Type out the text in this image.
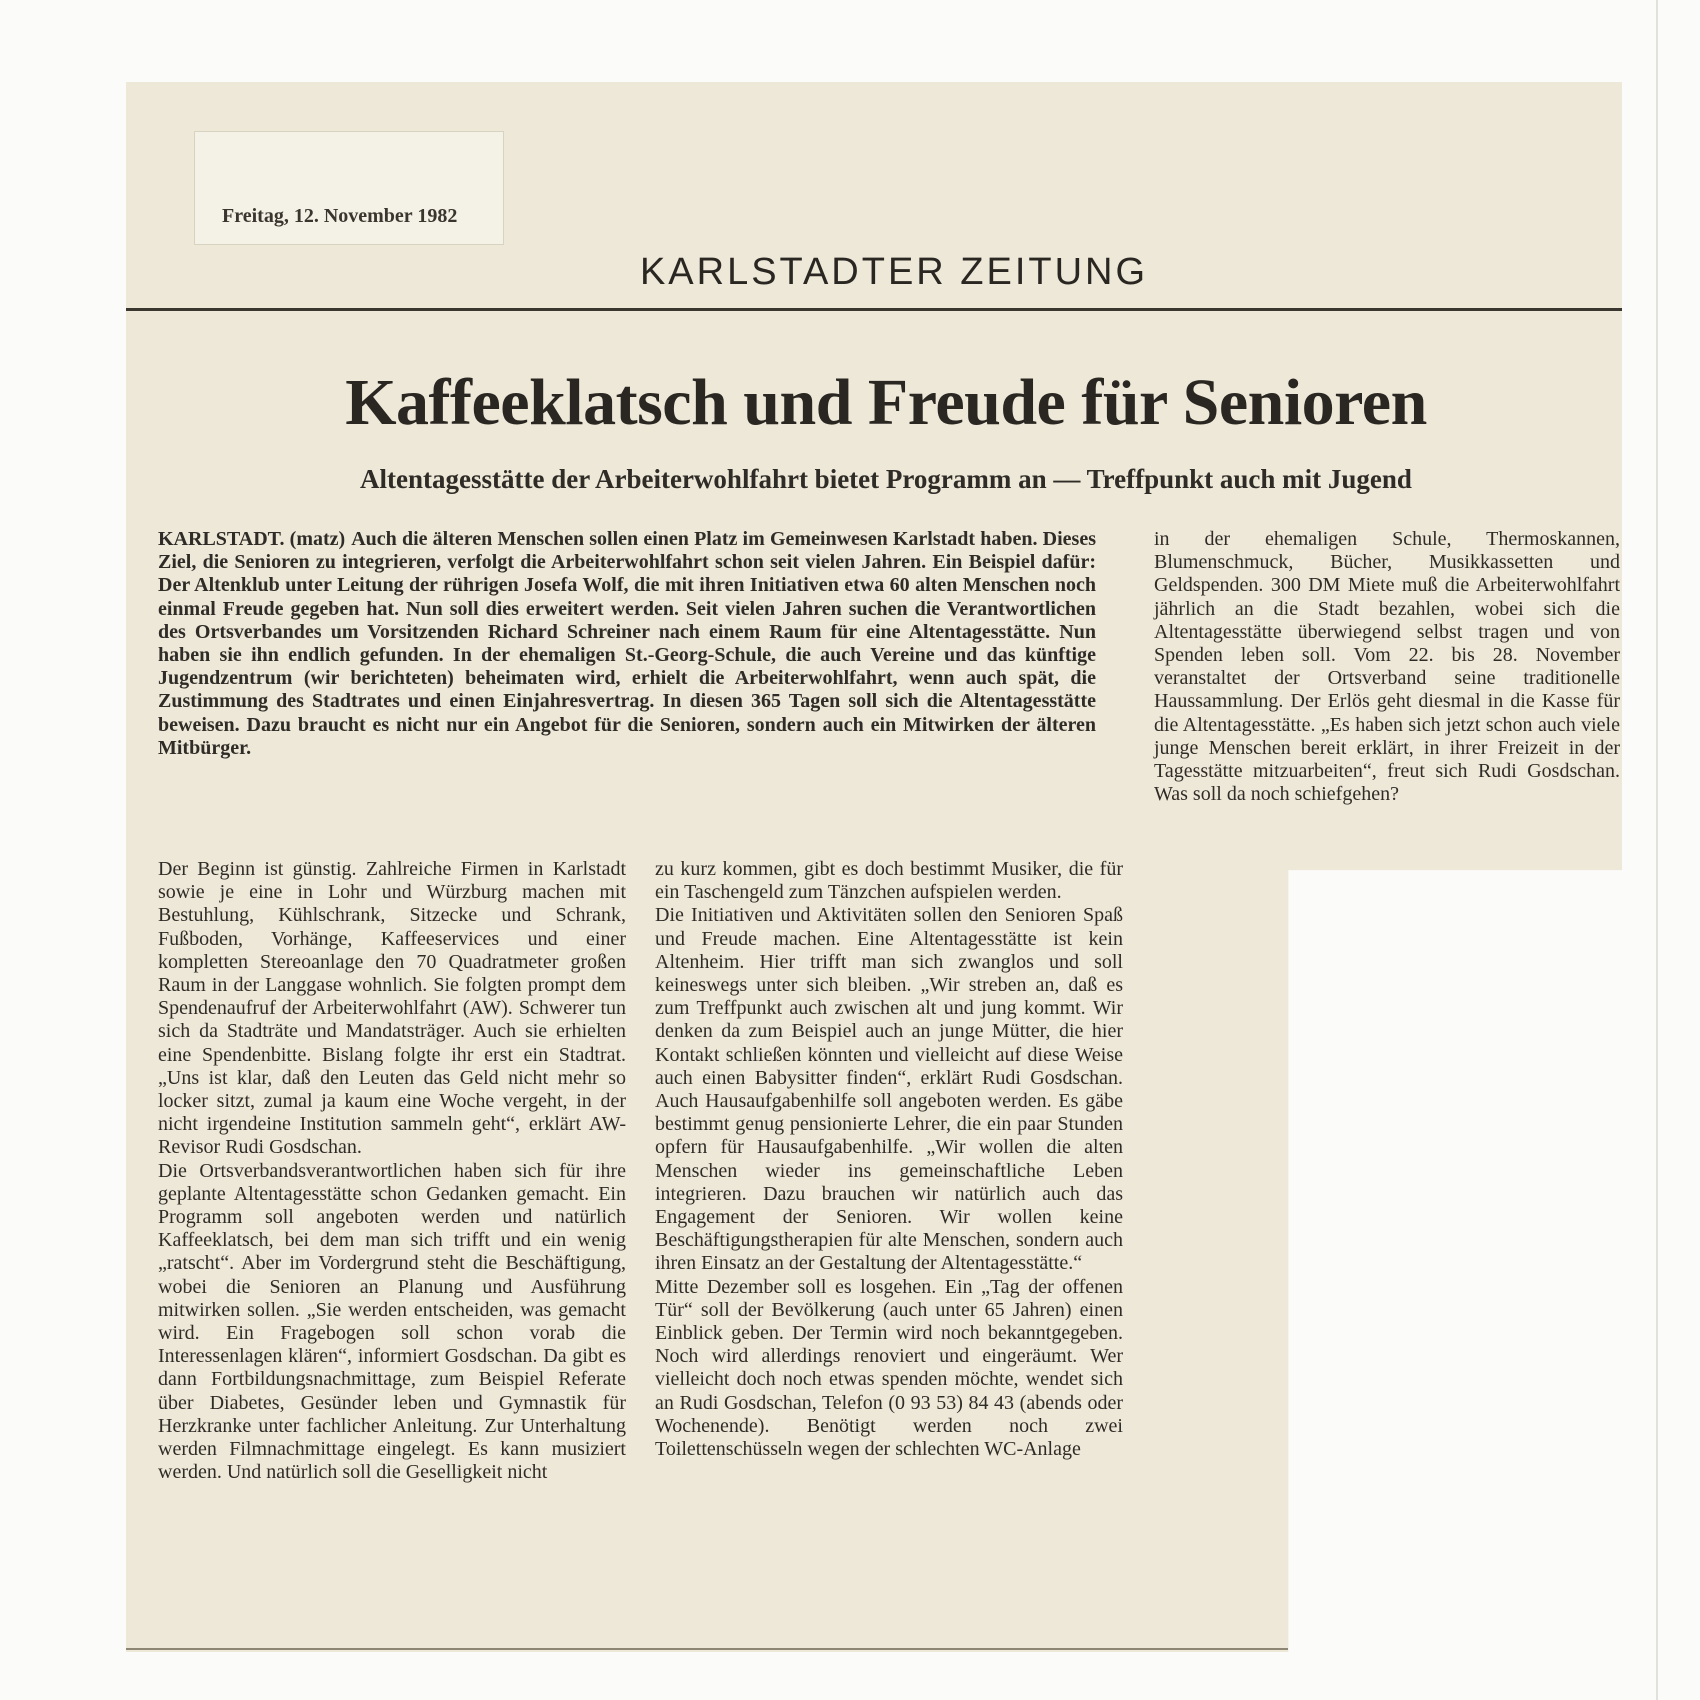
Freitag, 12. November 1982
KARLSTADTER ZEITUNG
Kaffeeklatsch und Freude für Senioren
Altentagesstätte der Arbeiterwohlfahrt bietet Programm an — Treffpunkt auch mit Jugend
KARLSTADT. (matz) Auch die älteren Menschen sollen einen Platz im Gemeinwesen Karlstadt haben. Dieses Ziel, die Senioren zu integrieren, verfolgt die Arbeiterwohlfahrt schon seit vielen Jahren. Ein Beispiel dafür: Der Altenklub unter Leitung der rührigen Josefa Wolf, die mit ihren Initiativen etwa 60 alten Menschen noch einmal Freude gegeben hat. Nun soll dies erweitert werden. Seit vielen Jahren suchen die Verantwortlichen des Ortsverbandes um Vorsitzenden Richard Schreiner nach einem Raum für eine Altentagesstätte. Nun haben sie ihn endlich gefunden. In der ehemaligen St.-Georg-Schule, die auch Vereine und das künftige Jugendzentrum (wir berichteten) beheimaten wird, erhielt die Arbeiterwohlfahrt, wenn auch spät, die Zustimmung des Stadtrates und einen Einjahresvertrag. In diesen 365 Tagen soll sich die Altentagesstätte beweisen. Dazu braucht es nicht nur ein Angebot für die Senioren, sondern auch ein Mitwirken der älteren Mitbürger.

Der Beginn ist günstig. Zahlreiche Firmen in Karlstadt sowie je eine in Lohr und Würzburg machen mit Bestuhlung, Kühlschrank, Sitzecke und Schrank, Fußboden, Vorhänge, Kaffeeservices und einer kompletten Stereoanlage den 70 Quadratmeter großen Raum in der Langgase wohnlich. Sie folgten prompt dem Spendenaufruf der Arbeiterwohlfahrt (AW). Schwerer tun sich da Stadträte und Mandatsträger. Auch sie erhielten eine Spendenbitte. Bislang folgte ihr erst ein Stadtrat. „Uns ist klar, daß den Leuten das Geld nicht mehr so locker sitzt, zumal ja kaum eine Woche vergeht, in der nicht irgendeine Institution sammeln geht“, erklärt AW-Revisor Rudi Gosdschan.

Die Ortsverbandsverantwortlichen haben sich für ihre geplante Altentagesstätte schon Gedanken gemacht. Ein Programm soll angeboten werden und natürlich Kaffeeklatsch, bei dem man sich trifft und ein wenig „ratscht“. Aber im Vordergrund steht die Beschäftigung, wobei die Senioren an Planung und Ausführung mitwirken sollen. „Sie werden entscheiden, was gemacht wird. Ein Fragebogen soll schon vorab die Interessenlagen klären“, informiert Gosdschan. Da gibt es dann Fortbildungsnachmittage, zum Beispiel Referate über Diabetes, Gesünder leben und Gymnastik für Herzkranke unter fachlicher Anleitung. Zur Unterhaltung werden Filmnachmittage eingelegt. Es kann musiziert werden. Und natürlich soll die Geselligkeit nicht

zu kurz kommen, gibt es doch bestimmt Musiker, die für ein Taschengeld zum Tänzchen aufspielen werden.

Die Initiativen und Aktivitäten sollen den Senioren Spaß und Freude machen. Eine Altentagesstätte ist kein Altenheim. Hier trifft man sich zwanglos und soll keineswegs unter sich bleiben. „Wir streben an, daß es zum Treffpunkt auch zwischen alt und jung kommt. Wir denken da zum Beispiel auch an junge Mütter, die hier Kontakt schließen könnten und vielleicht auf diese Weise auch einen Babysitter finden“, erklärt Rudi Gosdschan. Auch Hausaufgabenhilfe soll angeboten werden. Es gäbe bestimmt genug pensionierte Lehrer, die ein paar Stunden opfern für Hausaufgabenhilfe. „Wir wollen die alten Menschen wieder ins gemeinschaftliche Leben integrieren. Dazu brauchen wir natürlich auch das Engagement der Senioren. Wir wollen keine Beschäftigungstherapien für alte Menschen, sondern auch ihren Einsatz an der Gestaltung der Altentagesstätte.“

Mitte Dezember soll es losgehen. Ein „Tag der offenen Tür“ soll der Bevölkerung (auch unter 65 Jahren) einen Einblick geben. Der Termin wird noch bekanntgegeben. Noch wird allerdings renoviert und eingeräumt. Wer vielleicht doch noch etwas spenden möchte, wendet sich an Rudi Gosdschan, Telefon (0 93 53) 84 43 (abends oder Wochenende). Benötigt werden noch zwei Toilettenschüsseln wegen der schlechten WC-Anlage

in der ehemaligen Schule, Thermoskannen, Blumenschmuck, Bücher, Musikkassetten und Geldspenden. 300 DM Miete muß die Arbeiterwohlfahrt jährlich an die Stadt bezahlen, wobei sich die Altentagesstätte überwiegend selbst tragen und von Spenden leben soll. Vom 22. bis 28. November veranstaltet der Ortsverband seine traditionelle Haussammlung. Der Erlös geht diesmal in die Kasse für die Altentagesstätte. „Es haben sich jetzt schon auch viele junge Menschen bereit erklärt, in ihrer Freizeit in der Tagesstätte mitzuarbeiten“, freut sich Rudi Gosdschan. Was soll da noch schiefgehen?
